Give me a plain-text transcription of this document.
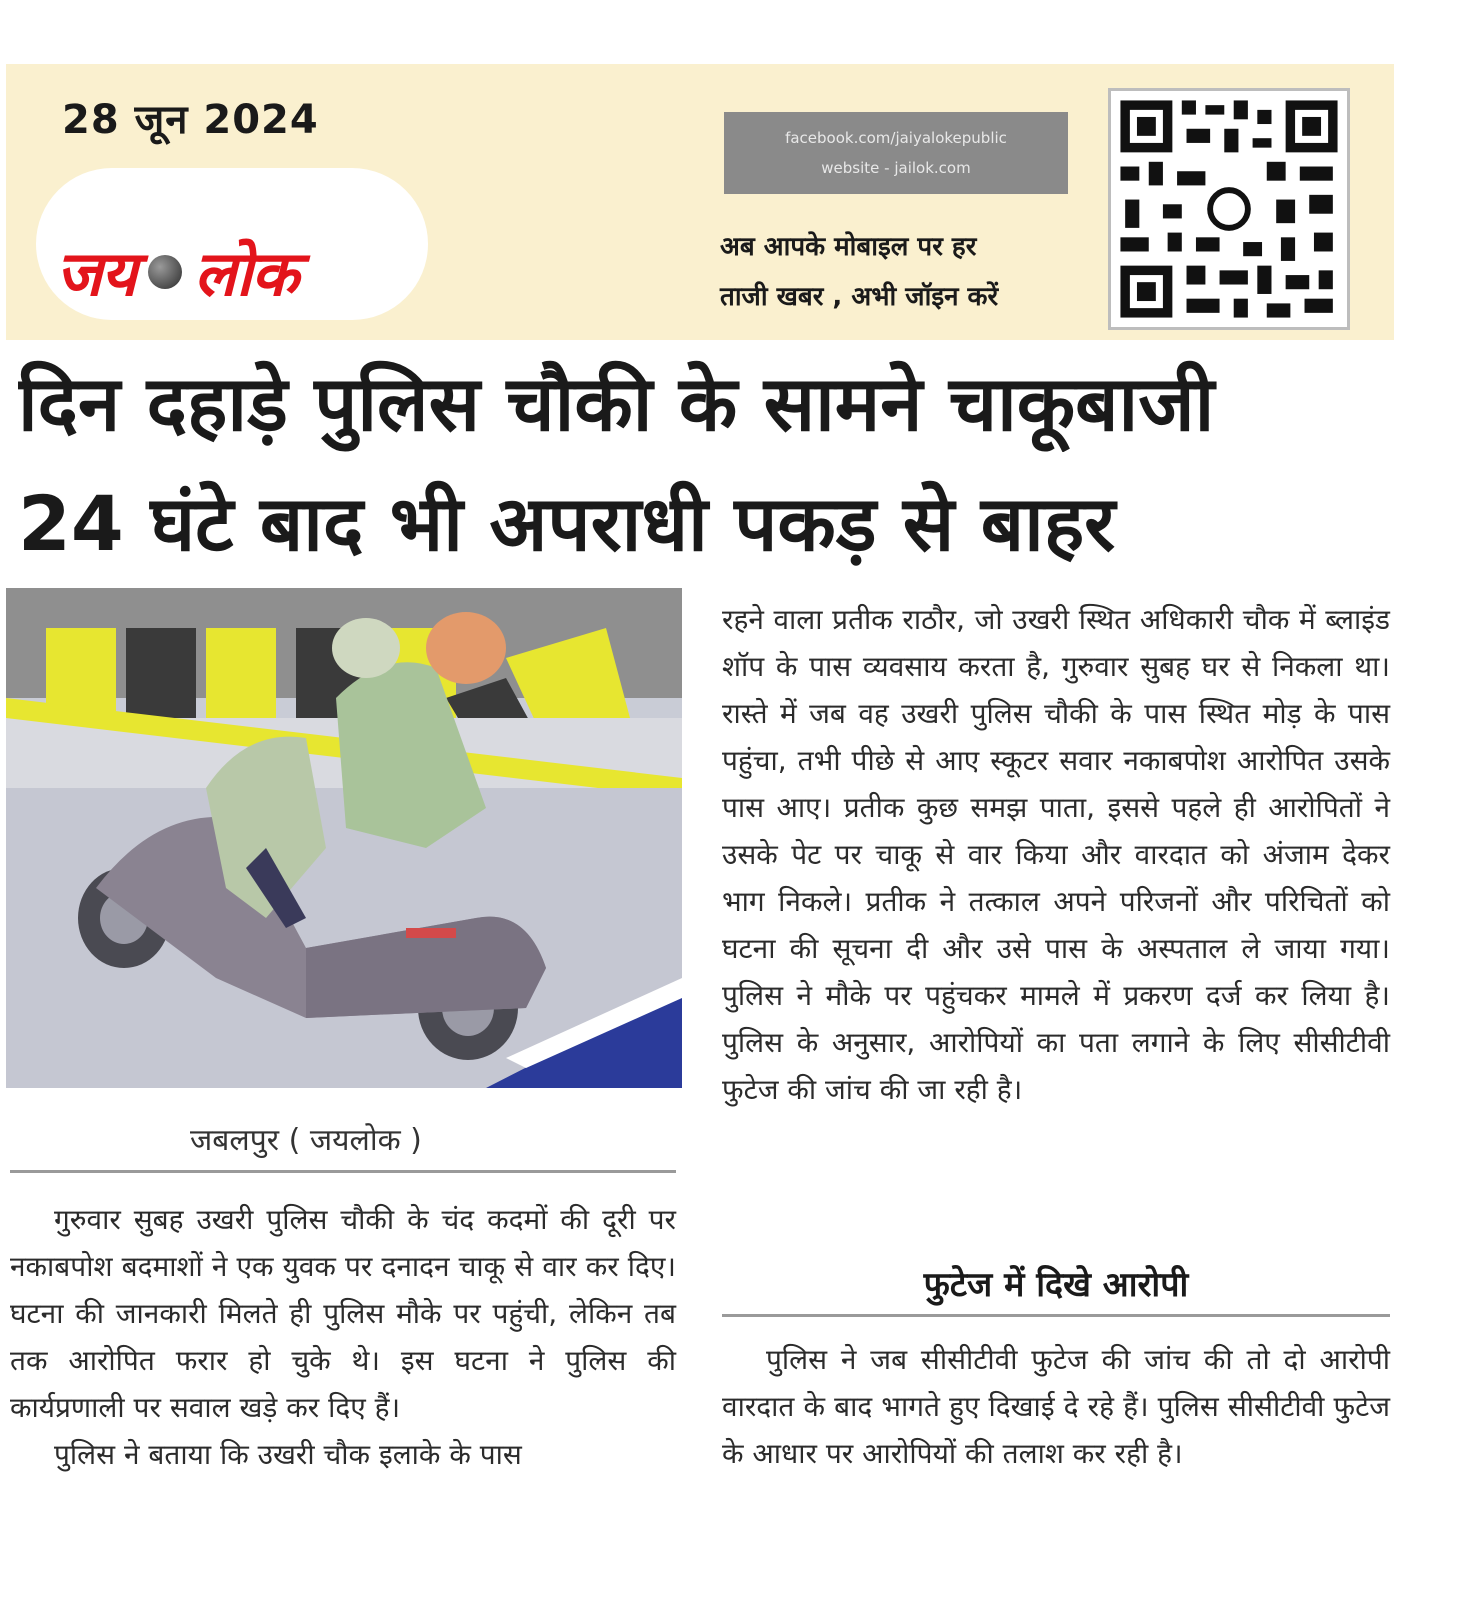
28 जून 2024
जय लोक
facebook.com/jaiyalokepublic
website - jailok.com
अब आपके मोबाइल पर हर
ताजी खबर , अभी जॉइन करें
दिन दहाड़े पुलिस चौकी के सामने चाकूबाजी
24 घंटे बाद भी अपराधी पकड़ से बाहर
जबलपुर ( जयलोक )

गुरुवार सुबह उखरी पुलिस चौकी के चंद कदमों की दूरी पर नकाबपोश बदमाशों ने एक युवक पर दनादन चाकू से वार कर दिए। घटना की जानकारी मिलते ही पुलिस मौके पर पहुंची, लेकिन तब तक आरोपित फरार हो चुके थे। इस घटना ने पुलिस की कार्यप्रणाली पर सवाल खड़े कर दिए हैं।

पुलिस ने बताया कि उखरी चौक इलाके के पास

रहने वाला प्रतीक राठौर, जो उखरी स्थित अधिकारी चौक में ब्लाइंड शॉप के पास व्यवसाय करता है, गुरुवार सुबह घर से निकला था। रास्ते में जब वह उखरी पुलिस चौकी के पास स्थित मोड़ के पास पहुंचा, तभी पीछे से आए स्कूटर सवार नकाबपोश आरोपित उसके पास आए। प्रतीक कुछ समझ पाता, इससे पहले ही आरोपितों ने उसके पेट पर चाकू से वार किया और वारदात को अंजाम देकर भाग निकले। प्रतीक ने तत्काल अपने परिजनों और परिचितों को घटना की सूचना दी और उसे पास के अस्पताल ले जाया गया। पुलिस ने मौके पर पहुंचकर मामले में प्रकरण दर्ज कर लिया है। पुलिस के अनुसार, आरोपियों का पता लगाने के लिए सीसीटीवी फुटेज की जांच की जा रही है।

फुटेज में दिखे आरोपी

पुलिस ने जब सीसीटीवी फुटेज की जांच की तो दो आरोपी वारदात के बाद भागते हुए दिखाई दे रहे हैं। पुलिस सीसीटीवी फुटेज के आधार पर आरोपियों की तलाश कर रही है।
